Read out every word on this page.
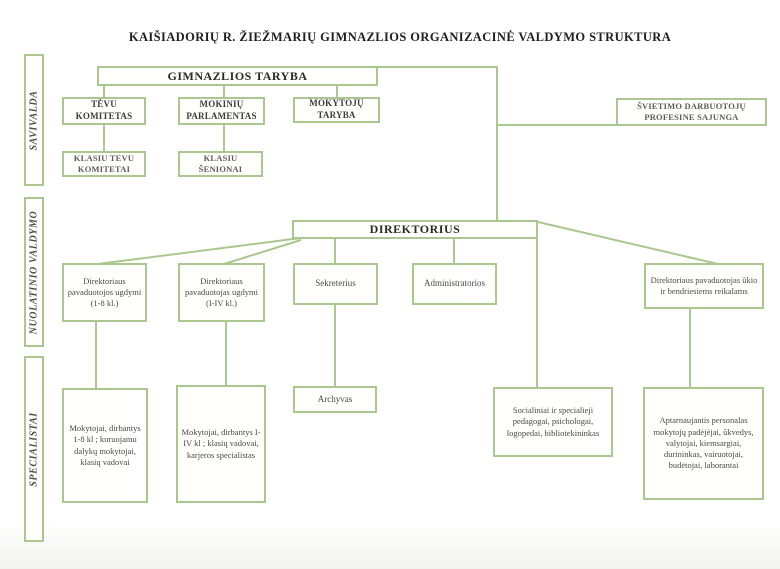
KAIŠIADORIŲ R. ŽIEŽMARIŲ GIMNAZLIOS ORGANIZACINĖ VALDYMO STRUKTURA
SAVIVALDA
NUOLATINIO VALDYMO
SPECIALISTAI
GIMNAZLIOS TARYBA
TĖVU KOMITETAS
MOKINIŲ PARLAMENTAS
MOKYTOJŲ TARYBA
KLASIU TEVU KOMITETAI
KLASIU ŠENIONAI
ŠVIETIMO DARBUOTOJŲ PROFESINE SAJUNGA
DIREKTORIUS
Direktoriaus pavaduotojos ugdymi (1-8 kl.)
Direktoriaus pavaduotojas ugdymi (I-IV kl.)
Sekreterius	Administratorios	Direktoriaus pavaduotojas ūkio ir bendriesiems reikalams
Mokytojai, dirbantys 1-8 kl ; kuruojamu dalykų mokytojai, klasių vadovai
Mokytojai, dirbantys I-IV kl ; klasių vadovai, karjeros specialistas
Archyvas
Socialiniai ir specialieji pedagogai, psichologai, logopedai, bibliotekininkas
Aptarnaujantis personalas mokytojų padėjėjai, ūkvedys, valytojai, kiemsargiai, durininkas, vairuotojai, budėtojai, laborantai
